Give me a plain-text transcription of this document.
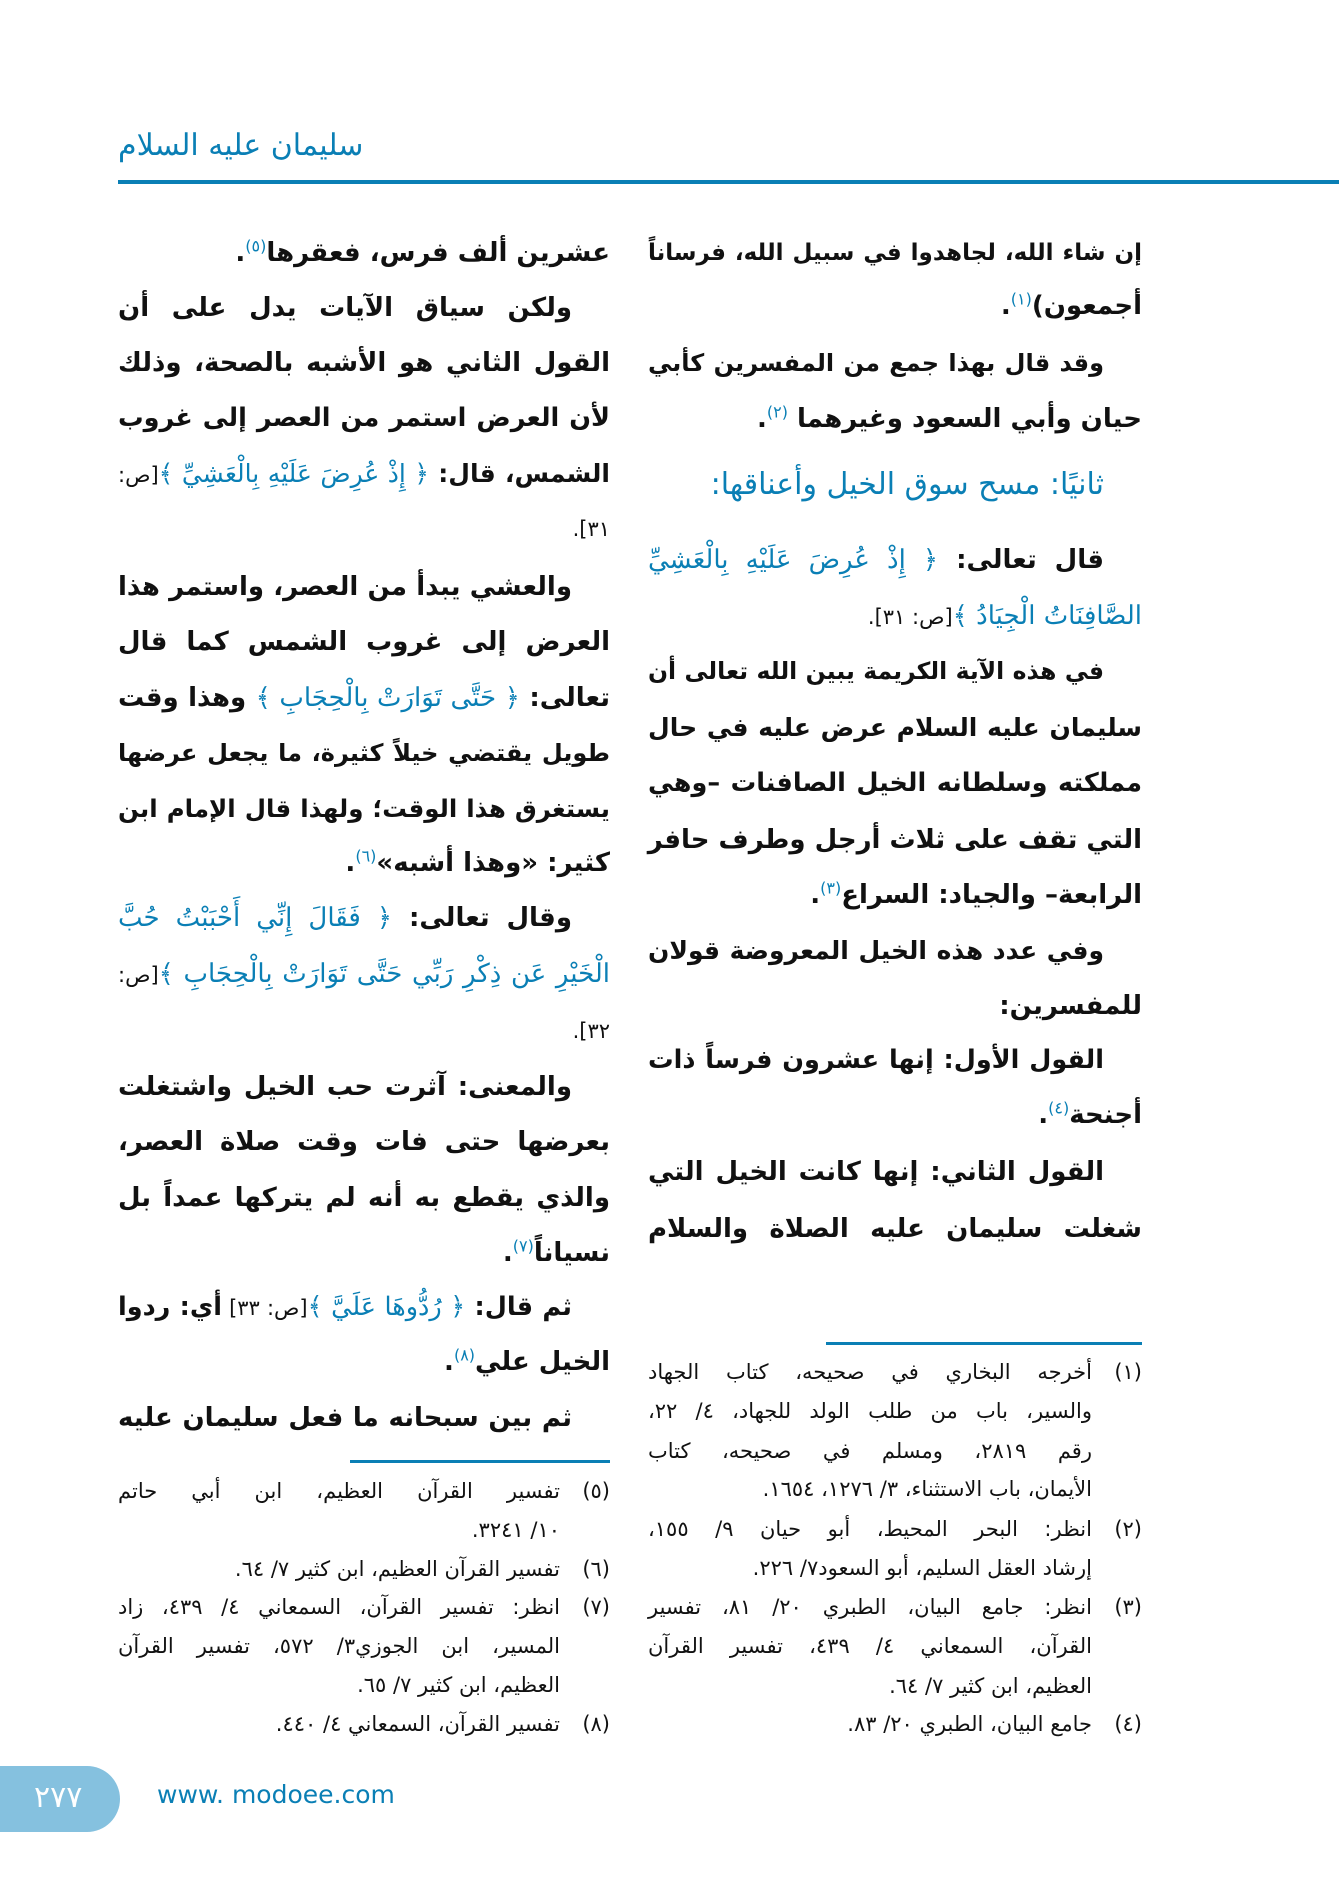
سليمان عليه السلام
إن شاء الله، لجاهدوا في سبيل الله، فرساناً
أجمعون)$^{(١)}$.
وقد قال بهذا جمع من المفسرين كأبي
حيان وأبي السعود وغيرهما $^{(٢)}$.
ثانيًا: مسح سوق الخيل وأعناقها:
قال تعالى: ﴿ إِذْ عُرِضَ عَلَيْهِ بِالْعَشِيِّ
الصَّافِنَاتُ الْجِيَادُ ﴾[ص: ٣١].
في هذه الآية الكريمة يبين الله تعالى أن
سليمان عليه السلام عرض عليه في حال
مملكته وسلطانه الخيل الصافنات –وهي
التي تقف على ثلاث أرجل وطرف حافر
الرابعة– والجياد: السراع$^{(٣)}$.
وفي عدد هذه الخيل المعروضة قولان
للمفسرين:
القول الأول: إنها عشرون فرساً ذات
أجنحة$^{(٤)}$.
القول الثاني: إنها كانت الخيل التي
شغلت سليمان عليه الصلاة والسلام
عشرين ألف فرس، فعقرها$^{(٥)}$.
ولكن سياق الآيات يدل على أن
القول الثاني هو الأشبه بالصحة، وذلك
لأن العرض استمر من العصر إلى غروب
الشمس، قال: ﴿ إِذْ عُرِضَ عَلَيْهِ بِالْعَشِيِّ ﴾[ص:
٣١].
والعشي يبدأ من العصر، واستمر هذا
العرض إلى غروب الشمس كما قال
تعالى: ﴿ حَتَّى تَوَارَتْ بِالْحِجَابِ ﴾ وهذا وقت
طويل يقتضي خيلاً كثيرة، ما يجعل عرضها
يستغرق هذا الوقت؛ ولهذا قال الإمام ابن
كثير: «وهذا أشبه»$^{(٦)}$.
وقال تعالى: ﴿ فَقَالَ إِنِّي أَحْبَبْتُ حُبَّ
الْخَيْرِ عَن ذِكْرِ رَبِّي حَتَّى تَوَارَتْ بِالْحِجَابِ ﴾[ص:
٣٢].
والمعنى: آثرت حب الخيل واشتغلت
بعرضها حتى فات وقت صلاة العصر،
والذي يقطع به أنه لم يتركها عمداً بل
نسياناً$^{(٧)}$.
ثم قال: ﴿ رُدُّوهَا عَلَيَّ ﴾[ص: ٣٣] أي: ردوا
الخيل علي$^{(٨)}$.
ثم بين سبحانه ما فعل سليمان عليه
٢٧٧	www. modoee.com
(١)
أخرجه البخاري في صحيحه، كتاب الجهاد
والسير، باب من طلب الولد للجهاد، ٤/ ٢٢،
رقم ٢٨١٩، ومسلم في صحيحه، كتاب
الأيمان، باب الاستثناء، ٣/ ١٢٧٦، ١٦٥٤.
(٢)
انظر: البحر المحيط، أبو حيان ٩/ ١٥٥،
إرشاد العقل السليم، أبو السعود٧/ ٢٢٦.
(٣)
انظر: جامع البيان، الطبري ٢٠/ ٨١، تفسير
القرآن، السمعاني ٤/ ٤٣٩، تفسير القرآن
العظيم، ابن كثير ٧/ ٦٤.
(٤)
جامع البيان، الطبري ٢٠/ ٨٣.
(٥)
تفسير القرآن العظيم، ابن أبي حاتم
١٠/ ٣٢٤١.
(٦)
تفسير القرآن العظيم، ابن كثير ٧/ ٦٤.
(٧)
انظر: تفسير القرآن، السمعاني ٤/ ٤٣٩، زاد
المسير، ابن الجوزي٣/ ٥٧٢، تفسير القرآن
العظيم، ابن كثير ٧/ ٦٥.
(٨)
تفسير القرآن، السمعاني ٤/ ٤٤٠.
